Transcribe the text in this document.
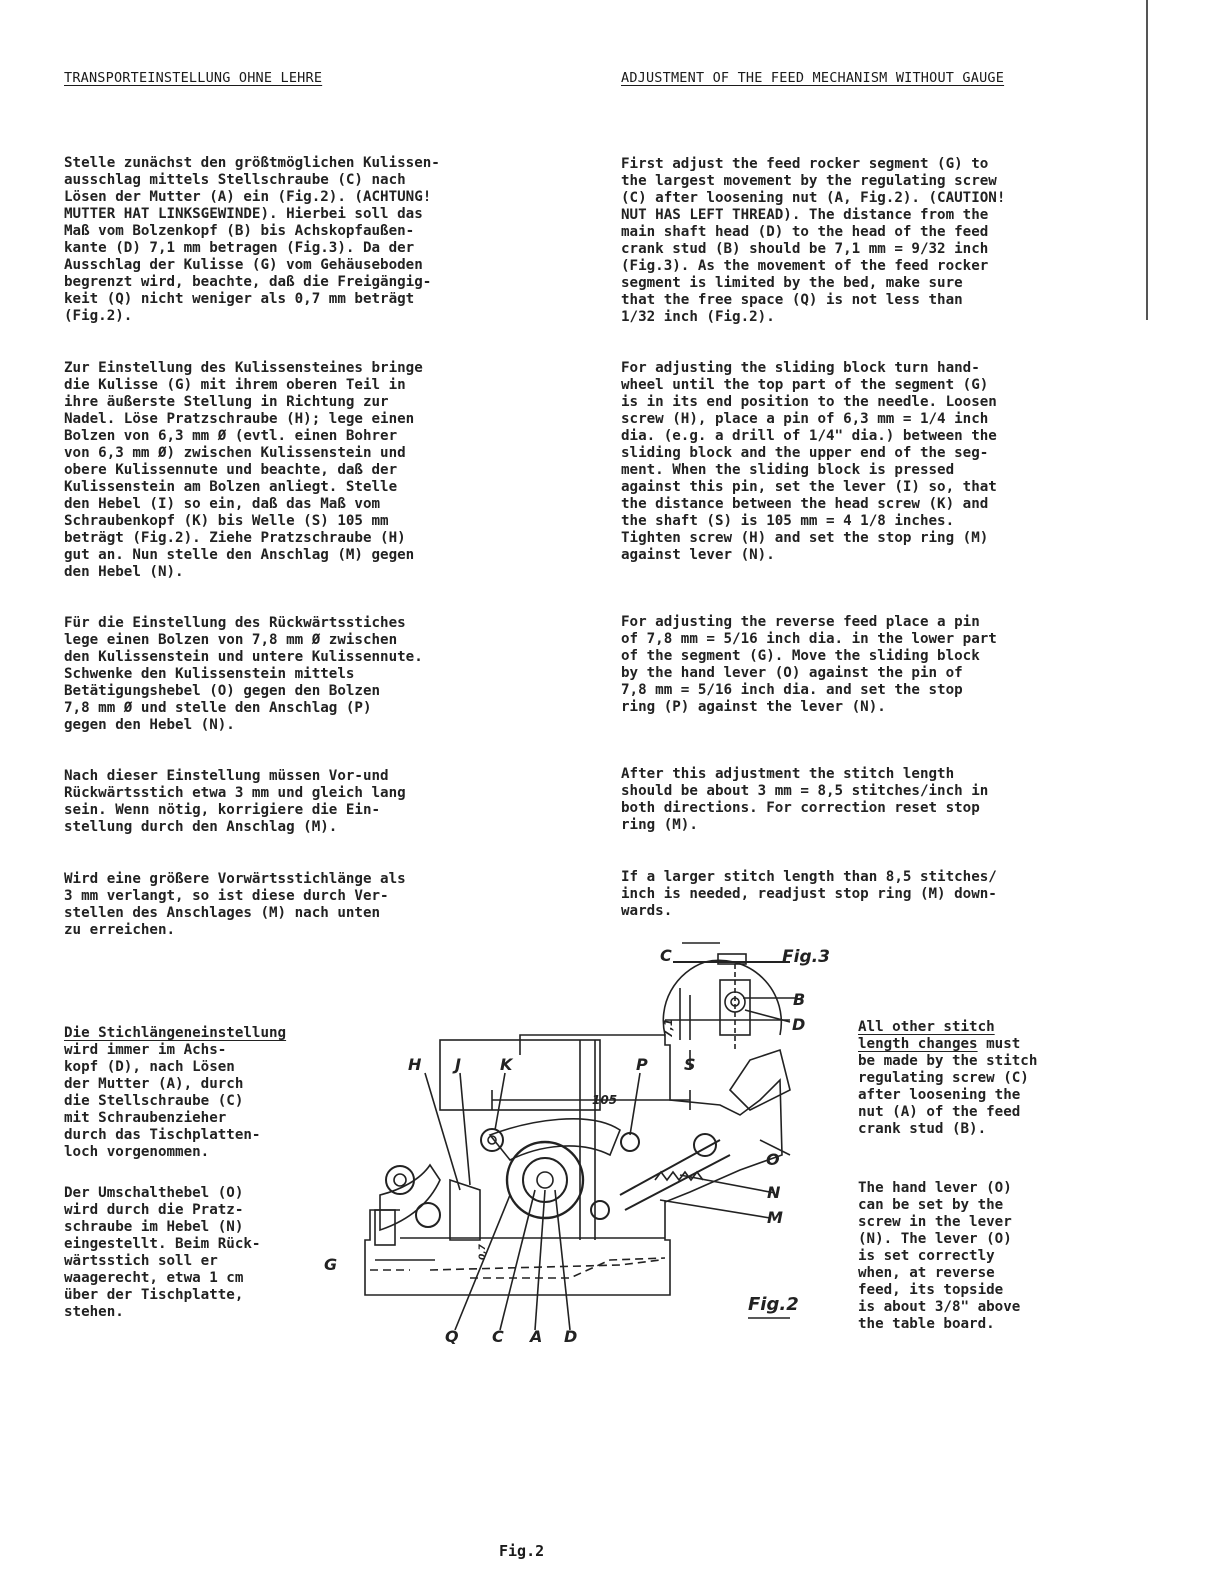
TRANSPORTEINSTELLUNG OHNE LEHRE	ADJUSTMENT OF THE FEED MECHANISM WITHOUT GAUGE
Stelle zunächst den größtmöglichen Kulissen-
ausschlag mittels Stellschraube (C) nach
Lösen der Mutter (A) ein (Fig.2). (ACHTUNG!
MUTTER HAT LINKSGEWINDE). Hierbei soll das
Maß vom Bolzenkopf (B) bis Achskopfaußen-
kante (D) 7,1 mm betragen (Fig.3). Da der
Ausschlag der Kulisse (G) vom Gehäuseboden
begrenzt wird, beachte, daß die Freigängig-
keit (Q) nicht weniger als 0,7 mm beträgt
(Fig.2).
Zur Einstellung des Kulissensteines bringe
die Kulisse (G) mit ihrem oberen Teil in
ihre äußerste Stellung in Richtung zur
Nadel. Löse Pratzschraube (H); lege einen
Bolzen von 6,3 mm Ø (evtl. einen Bohrer
von 6,3 mm Ø) zwischen Kulissenstein und
obere Kulissennute und beachte, daß der
Kulissenstein am Bolzen anliegt. Stelle
den Hebel (I) so ein, daß das Maß vom
Schraubenkopf (K) bis Welle (S) 105 mm
beträgt (Fig.2). Ziehe Pratzschraube (H)
gut an. Nun stelle den Anschlag (M) gegen
den Hebel (N).
Für die Einstellung des Rückwärtsstiches
lege einen Bolzen von 7,8 mm Ø zwischen
den Kulissenstein und untere Kulissennute.
Schwenke den Kulissenstein mittels
Betätigungshebel (O) gegen den Bolzen
7,8 mm Ø und stelle den Anschlag (P)
gegen den Hebel (N).
Nach dieser Einstellung müssen Vor-und
Rückwärtsstich etwa 3 mm und gleich lang
sein. Wenn nötig, korrigiere die Ein-
stellung durch den Anschlag (M).
Wird eine größere Vorwärtsstichlänge als
3 mm verlangt, so ist diese durch Ver-
stellen des Anschlages (M) nach unten
zu erreichen.
Die Stichlängeneinstellung
wird immer im Achs-
kopf (D), nach Lösen
der Mutter (A), durch
die Stellschraube (C)
mit Schraubenzieher
durch das Tischplatten-
loch vorgenommen.
Der Umschalthebel (O)
wird durch die Pratz-
schraube im Hebel (N)
eingestellt. Beim Rück-
wärtsstich soll er
waagerecht, etwa 1 cm
über der Tischplatte,
stehen.
First adjust the feed rocker segment (G) to
the largest movement by the regulating screw
(C) after loosening nut (A, Fig.2). (CAUTION!
NUT HAS LEFT THREAD). The distance from the
main shaft head (D) to the head of the feed
crank stud (B) should be 7,1 mm = 9/32 inch
(Fig.3). As the movement of the feed rocker
segment is limited by the bed, make sure
that the free space (Q) is not less than
1/32 inch (Fig.2).
For adjusting the sliding block turn hand-
wheel until the top part of the segment (G)
is in its end position to the needle. Loosen
screw (H), place a pin of 6,3 mm = 1/4 inch
dia. (e.g. a drill of 1/4" dia.) between the
sliding block and the upper end of the seg-
ment. When the sliding block is pressed
against this pin, set the lever (I) so, that
the distance between the head screw (K) and
the shaft (S) is 105 mm = 4 1/8 inches.
Tighten screw (H) and set the stop ring (M)
against lever (N).
For adjusting the reverse feed place a pin
of 7,8 mm = 5/16 inch dia. in the lower part
of the segment (G). Move the sliding block
by the hand lever (O) against the pin of
7,8 mm = 5/16 inch dia. and set the stop
ring (P) against the lever (N).
After this adjustment the stitch length
should be about 3 mm = 8,5 stitches/inch in
both directions. For correction reset stop
ring (M).
If a larger stitch length than 8,5 stitches/
inch is needed, readjust stop ring (M) down-
wards.
All other stitch
length changes must
be made by the stitch
regulating screw (C)
after loosening the
nut (A) of the feed
crank stud (B).
The hand lever (O)
can be set by the
screw in the lever
(N). The lever (O)
is set correctly
when, at reverse
feed, its topside
is about 3/8" above
the table board.
C	Fig.3
B
D
7,1
H J K	P S
105
0,7
O
N
M
G
Fig.2
Q C A D
Fig.2
